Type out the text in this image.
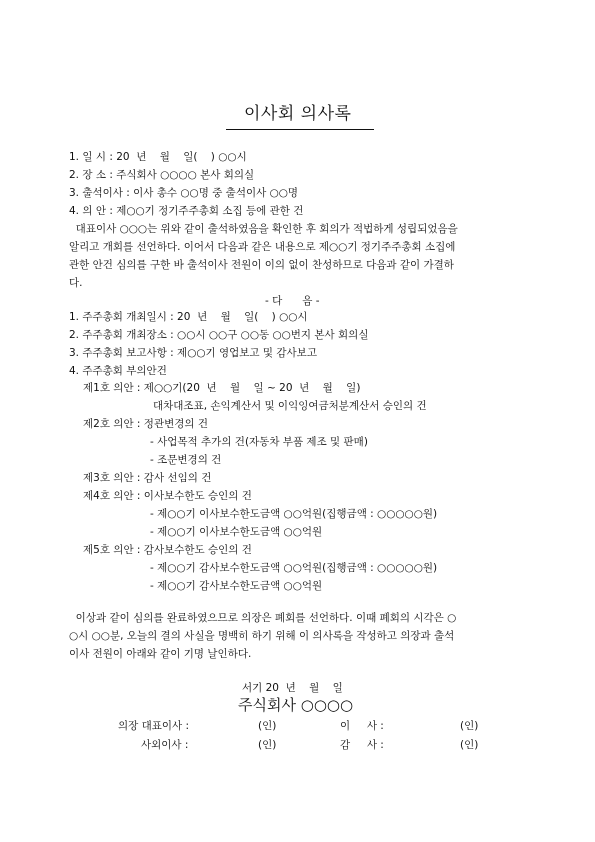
이사회 의사록
1. 일 시 : 20  년    월    일(    ) ○○시
2. 장 소 : 주식회사 ○○○○ 본사 회의실
3. 출석이사 : 이사 총수 ○○명 중 출석이사 ○○명
4. 의 안 : 제○○기 정기주주총회 소집 등에 관한 건
대표이사 ○○○는 위와 같이 출석하였음을 확인한 후 회의가 적법하게 성립되었음을
알리고 개회를 선언하다. 이어서 다음과 같은 내용으로 제○○기 정기주주총회 소집에
관한 안건 심의를 구한 바 출석이사 전원이 이의 없이 찬성하므로 다음과 같이 가결하
다.
- 다      음 -
1. 주주총회 개최일시 : 20  년    월    일(    ) ○○시
2. 주주총회 개최장소 : ○○시 ○○구 ○○동 ○○번지 본사 회의실
3. 주주총회 보고사항 : 제○○기 영업보고 및 감사보고
4. 주주총회 부의안건
제1호 의안 : 제○○기(20  년    월    일 ~ 20  년    월    일)
대차대조표, 손익계산서 및 이익잉여금처분계산서 승인의 건
제2호 의안 : 정관변경의 건
- 사업목적 추가의 건(자동차 부품 제조 및 판매)
- 조문변경의 건
제3호 의안 : 감사 선임의 건
제4호 의안 : 이사보수한도 승인의 건
- 제○○기 이사보수한도금액 ○○억원(집행금액 : ○○○○○원)
- 제○○기 이사보수한도금액 ○○억원
제5호 의안 : 감사보수한도 승인의 건
- 제○○기 감사보수한도금액 ○○억원(집행금액 : ○○○○○원)
- 제○○기 감사보수한도금액 ○○억원
이상과 같이 심의를 완료하였으므로 의장은 폐회를 선언하다. 이때 폐회의 시각은 ○
○시 ○○분, 오늘의 결의 사실을 명백히 하기 위해 이 의사록을 작성하고 의장과 출석
이사 전원이 아래와 같이 기명 날인하다.
서기 20  년    월    일
주식회사 ○○○○
의장 대표이사 :	(인)	이     사 :	(인)
사외이사 :	(인)	감     사 :	(인)
